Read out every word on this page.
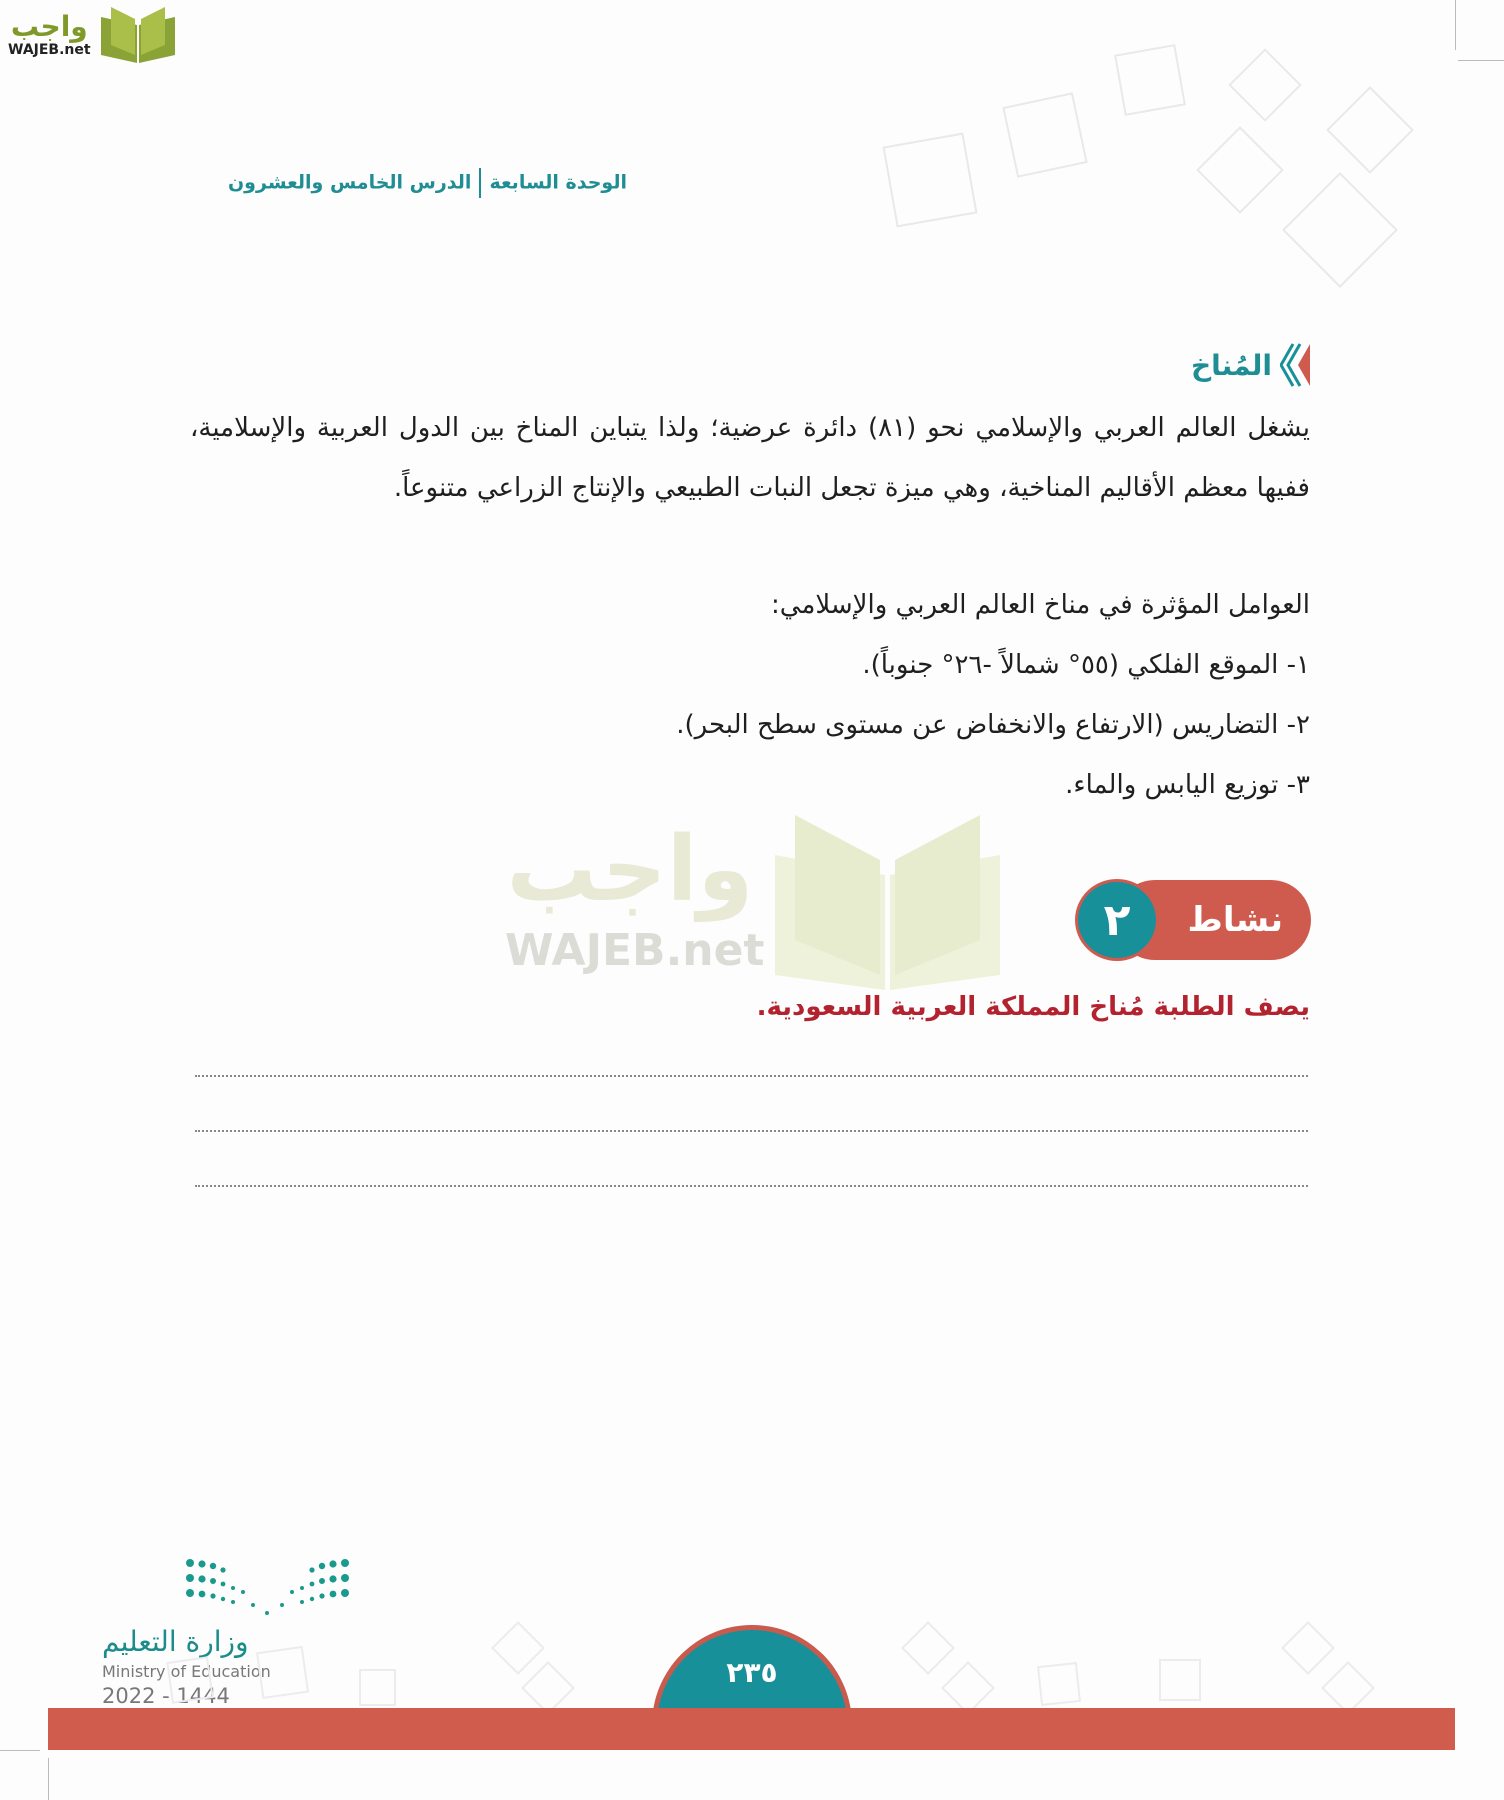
واجب
WAJEB.net
الوحدة السابعةالدرس الخامس والعشرون
المُناخ
يشغل العالم العربي والإسلامي نحو (٨١) دائرة عرضية؛ ولذا يتباين المناخ بين الدول العربية والإسلامية، ففيها معظم الأقاليم المناخية، وهي ميزة تجعل النبات الطبيعي والإنتاج الزراعي متنوعاً.
العوامل المؤثرة في مناخ العالم العربي والإسلامي:
١- الموقع الفلكي (٥٥° شمالاً -٢٦° جنوباً).
٢- التضاريس (الارتفاع والانخفاض عن مستوى سطح البحر).
٣- توزيع اليابس والماء.
واجب
WAJEB.net
نشاط
٢
يصف الطلبة مُناخ المملكة العربية السعودية.
وزارة التعليم
Ministry of Education
2022 - 1444
٢٣٥
